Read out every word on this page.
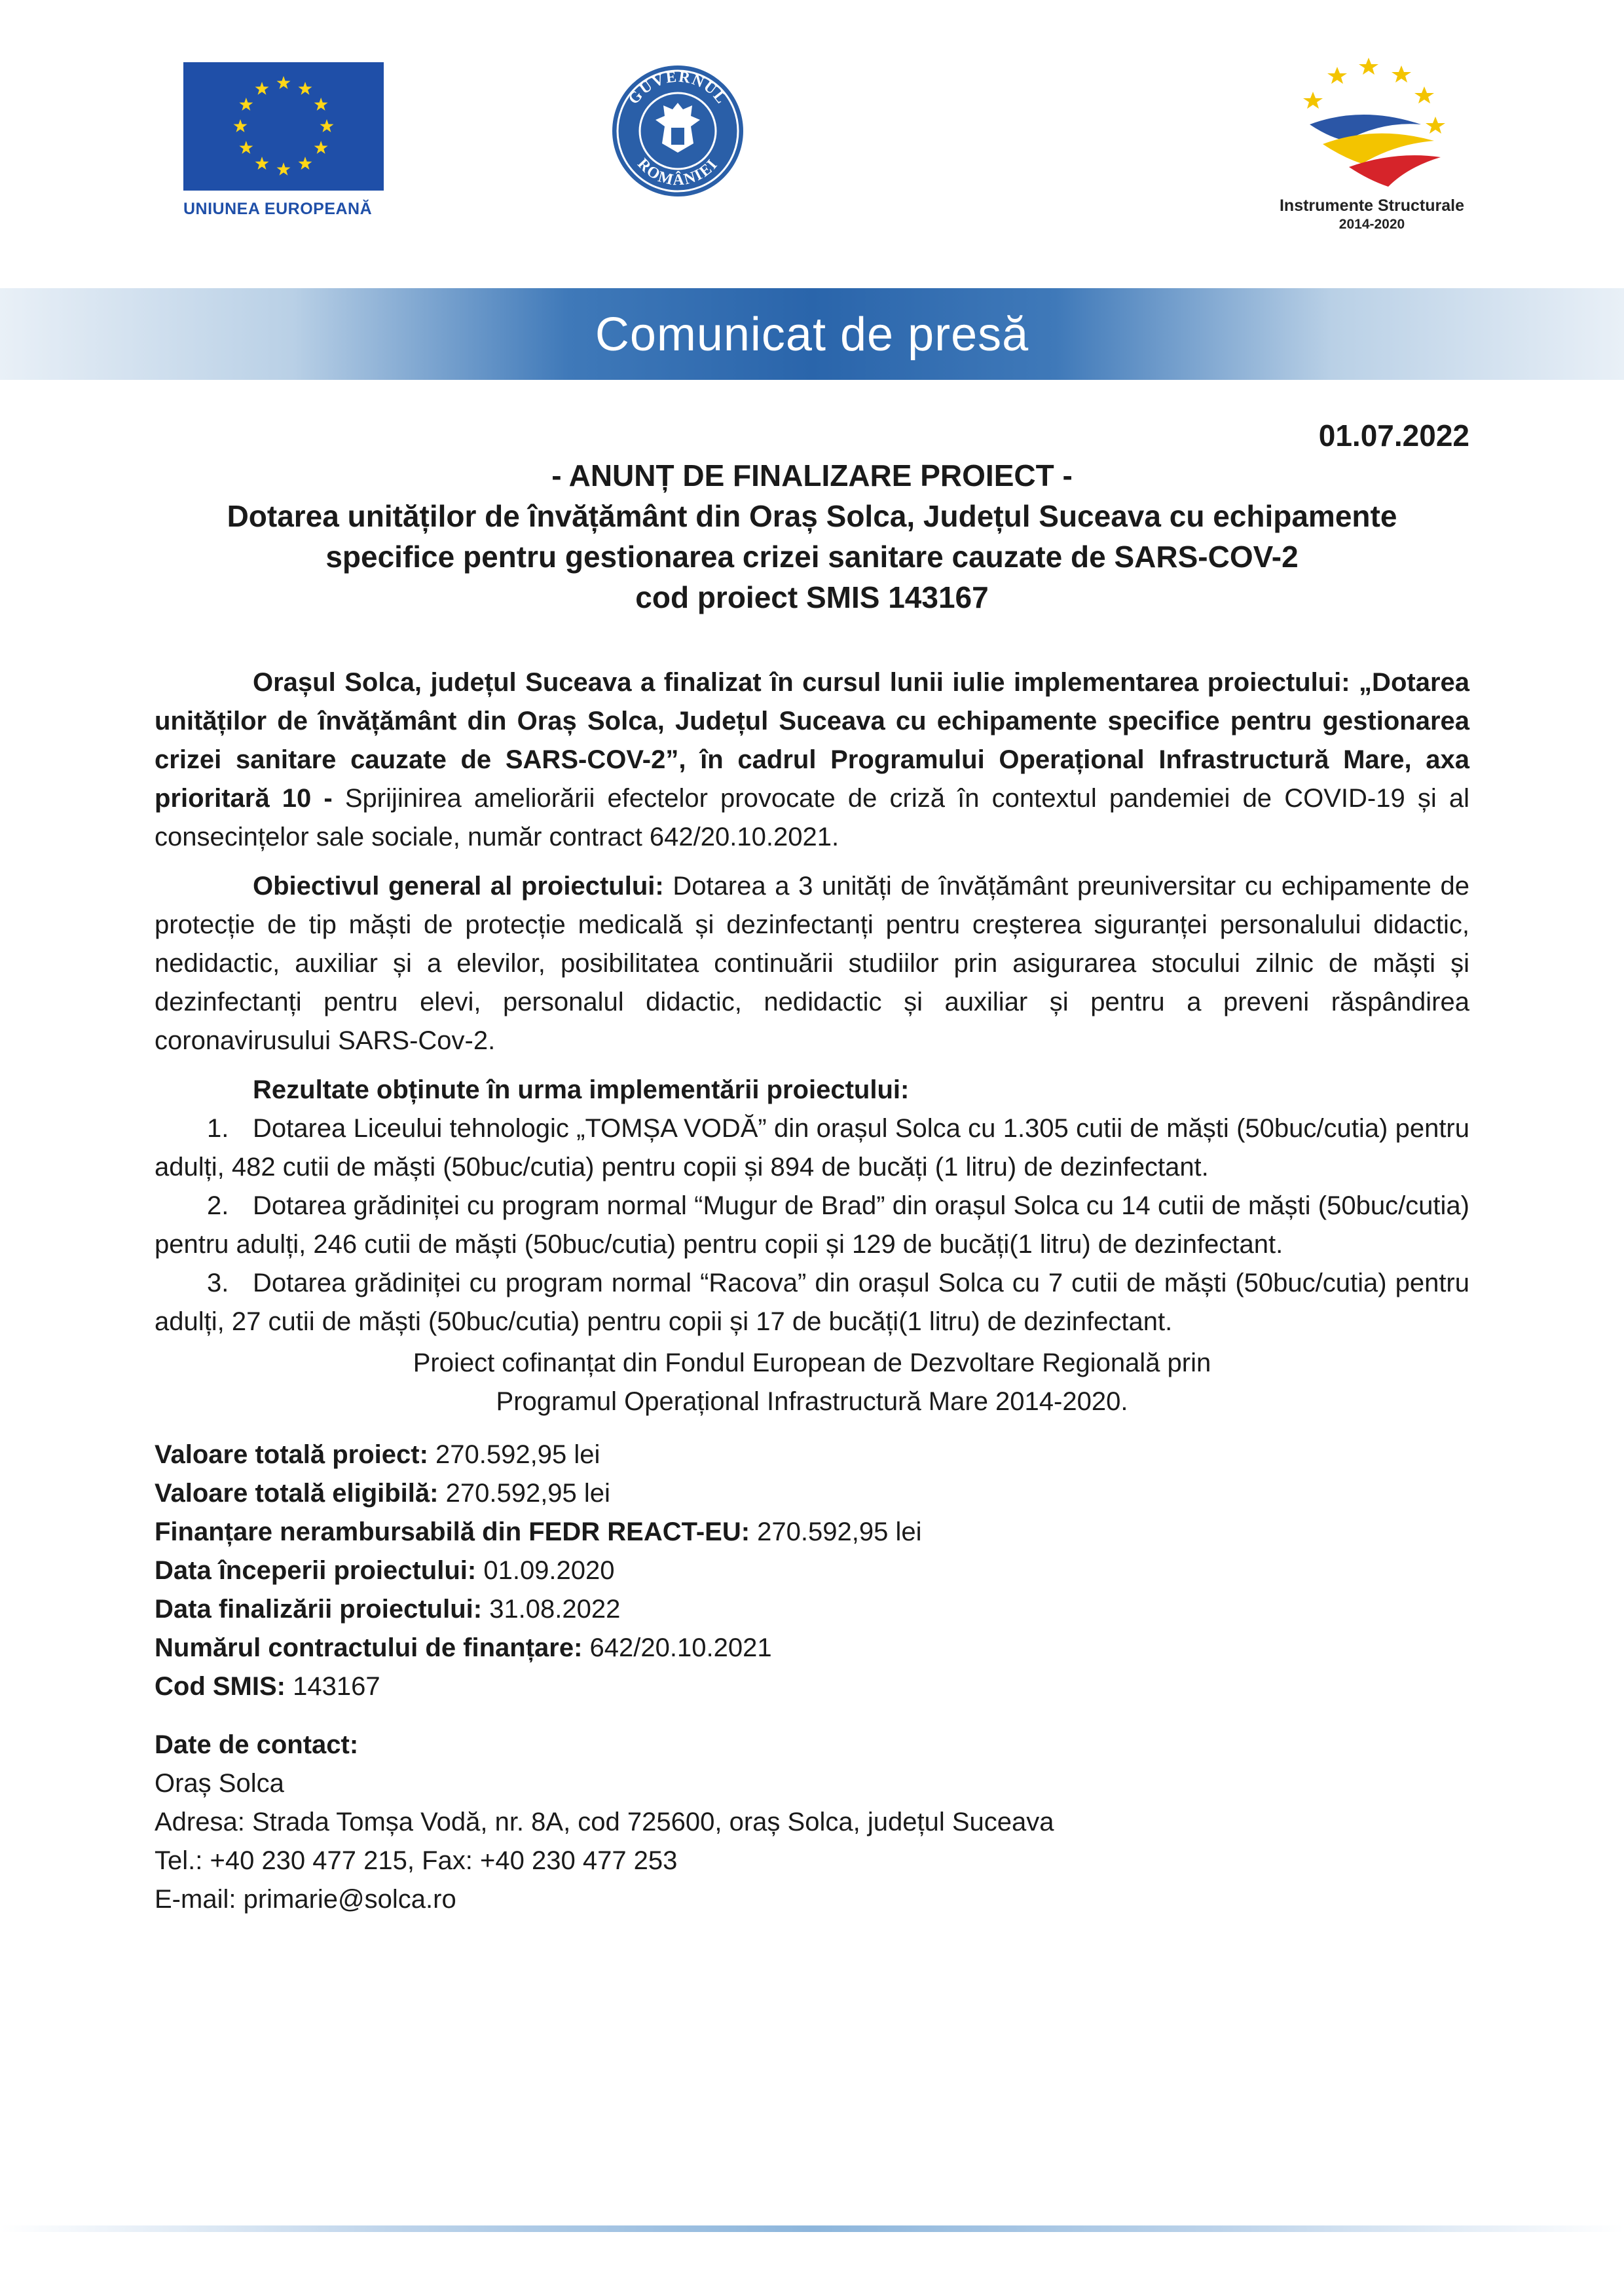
UNIUNEA EUROPEANĂ
GUVERNUL
ROMÂNIEI
Instrumente Structurale
2014-2020
Comunicat de presă
01.07.2022
- ANUNȚ DE FINALIZARE PROIECT -
Dotarea unităților de învățământ din Oraș Solca, Județul Suceava cu echipamente
specifice pentru gestionarea crizei sanitare cauzate de SARS-COV-2
cod proiect SMIS 143167

Orașul Solca, județul Suceava a finalizat în cursul lunii iulie implementarea proiectului: „Dotarea unităților de învățământ din Oraș Solca, Județul Suceava cu echipamente specifice pentru gestionarea crizei sanitare cauzate de SARS-COV-2”, în cadrul Programului Operațional Infrastructură Mare, axa prioritară 10 - Sprijinirea ameliorării efectelor provocate de criză în contextul pandemiei de COVID-19 și al consecințelor sale sociale, număr contract 642/20.10.2021.

Obiectivul general al proiectului: Dotarea a 3 unități de învățământ preuniversitar cu echipamente de protecție de tip măști de protecție medicală și dezinfectanți pentru creșterea siguranței personalului didactic, nedidactic, auxiliar și a elevilor, posibilitatea continuării studiilor prin asigurarea stocului zilnic de măști și dezinfectanți pentru elevi, personalul didactic, nedidactic și auxiliar și pentru a preveni răspândirea coronavirusului SARS-Cov-2.

Rezultate obținute în urma implementării proiectului:
1. Dotarea Liceului tehnologic „TOMȘA VODĂ” din orașul Solca cu 1.305 cutii de măști (50buc/cutia) pentru adulți, 482 cutii de măști (50buc/cutia) pentru copii și 894 de bucăți (1 litru) de dezinfectant.
2. Dotarea grădiniței cu program normal “Mugur de Brad” din orașul Solca cu 14 cutii de măști (50buc/cutia) pentru adulți, 246 cutii de măști (50buc/cutia) pentru copii și 129 de bucăți(1 litru) de dezinfectant.
3. Dotarea grădiniței cu program normal “Racova” din orașul Solca cu 7 cutii de măști (50buc/cutia) pentru adulți, 27 cutii de măști (50buc/cutia) pentru copii și 17 de bucăți(1 litru) de dezinfectant.
Proiect cofinanțat din Fondul European de Dezvoltare Regională prin
Programul Operațional Infrastructură Mare 2014-2020.
Valoare totală proiect: 270.592,95 lei
Valoare totală eligibilă: 270.592,95 lei
Finanțare nerambursabilă din FEDR REACT-EU: 270.592,95 lei
Data începerii proiectului: 01.09.2020
Data finalizării proiectului: 31.08.2022
Numărul contractului de finanțare: 642/20.10.2021
Cod SMIS: 143167
Date de contact:
Oraș Solca
Adresa: Strada Tomșa Vodă, nr. 8A, cod 725600, oraș Solca, județul Suceava
Tel.: +40 230 477 215, Fax: +40 230 477 253
E-mail: primarie@solca.ro
